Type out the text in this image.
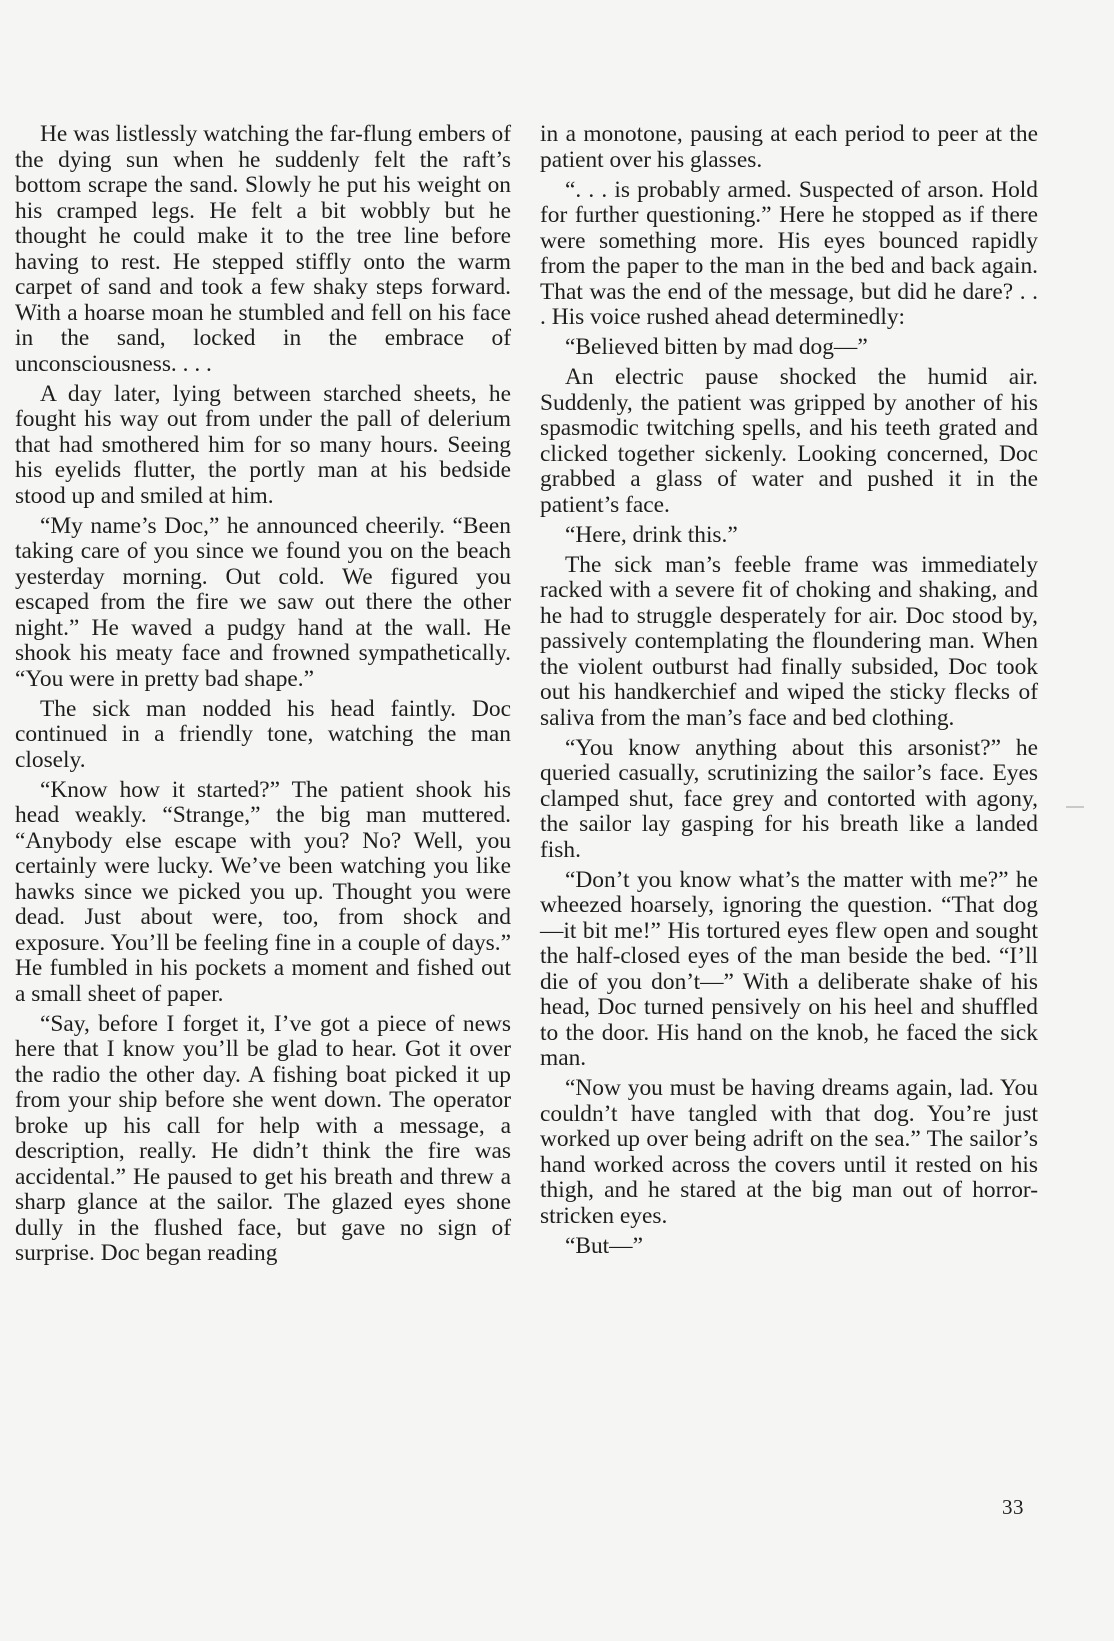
He was listlessly watching the far-flung embers of the dying sun when he suddenly felt the raft’s bottom scrape the sand. Slowly he put his weight on his cramped legs. He felt a bit wobbly but he thought he could make it to the tree line before having to rest. He stepped stiffly onto the warm carpet of sand and took a few shaky steps forward. With a hoarse moan he stumbled and fell on his face in the sand, locked in the embrace of unconsciousness. . . .

A day later, lying between starched sheets, he fought his way out from under the pall of delerium that had smothered him for so many hours. Seeing his eyelids flutter, the portly man at his bedside stood up and smiled at him.

“My name’s Doc,” he announced cheerily. “Been taking care of you since we found you on the beach yesterday morning. Out cold. We figured you escaped from the fire we saw out there the other night.” He waved a pudgy hand at the wall. He shook his meaty face and frowned sympathetically. “You were in pretty bad shape.”

The sick man nodded his head faintly. Doc continued in a friendly tone, watching the man closely.

“Know how it started?” The patient shook his head weakly. “Strange,” the big man muttered. “Anybody else escape with you? No? Well, you certainly were lucky. We’ve been watching you like hawks since we picked you up. Thought you were dead. Just about were, too, from shock and exposure. You’ll be feeling fine in a couple of days.” He fumbled in his pockets a moment and fished out a small sheet of paper.

“Say, before I forget it, I’ve got a piece of news here that I know you’ll be glad to hear. Got it over the radio the other day. A fishing boat picked it up from your ship before she went down. The operator broke up his call for help with a message, a description, really. He didn’t think the fire was accidental.” He paused to get his breath and threw a sharp glance at the sailor. The glazed eyes shone dully in the flushed face, but gave no sign of surprise. Doc began reading

in a monotone, pausing at each period to peer at the patient over his glasses.

“. . . is probably armed. Suspected of arson. Hold for further questioning.” Here he stopped as if there were something more. His eyes bounced rapidly from the paper to the man in the bed and back again. That was the end of the message, but did he dare? . . . His voice rushed ahead determinedly:

“Believed bitten by mad dog—”

An electric pause shocked the humid air. Suddenly, the patient was gripped by another of his spasmodic twitching spells, and his teeth grated and clicked together sickenly. Looking concerned, Doc grabbed a glass of water and pushed it in the patient’s face.

“Here, drink this.”

The sick man’s feeble frame was immediately racked with a severe fit of choking and shaking, and he had to struggle desperately for air. Doc stood by, passively contemplating the floundering man. When the violent outburst had finally subsided, Doc took out his handkerchief and wiped the sticky flecks of saliva from the man’s face and bed clothing.

“You know anything about this arsonist?” he queried casually, scrutinizing the sailor’s face. Eyes clamped shut, face grey and contorted with agony, the sailor lay gasping for his breath like a landed fish.

“Don’t you know what’s the matter with me?” he wheezed hoarsely, ignoring the question. “That dog—it bit me!” His tortured eyes flew open and sought the half-closed eyes of the man beside the bed. “I’ll die of you don’t—” With a deliberate shake of his head, Doc turned pensively on his heel and shuffled to the door. His hand on the knob, he faced the sick man.

“Now you must be having dreams again, lad. You couldn’t have tangled with that dog. You’re just worked up over being adrift on the sea.” The sailor’s hand worked across the covers until it rested on his thigh, and he stared at the big man out of horror-stricken eyes.

“But—”

33
